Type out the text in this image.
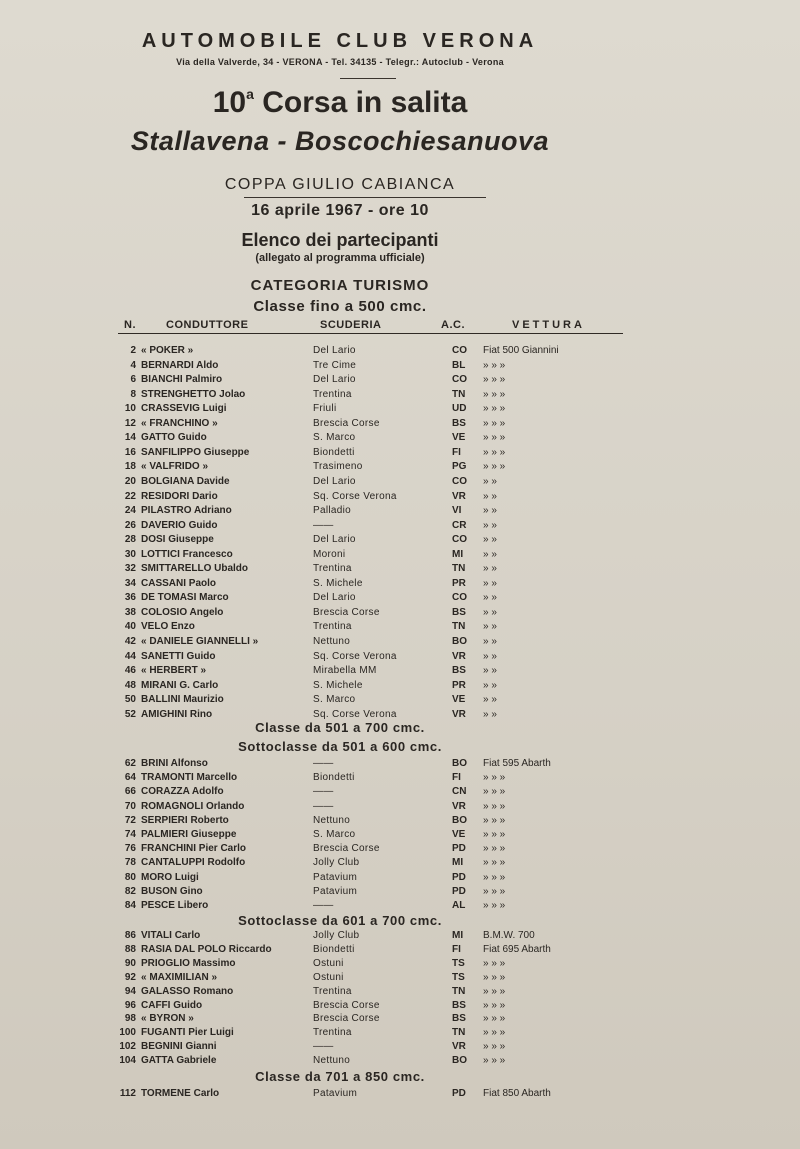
AUTOMOBILE CLUB VERONA
Via della Valverde, 34 - VERONA - Tel. 34135 - Telegr.: Autoclub - Verona
10$^a$ Corsa in salita
Stallavena - Boscochiesanuova
COPPA GIULIO CABIANCA
16 aprile 1967 - ore 10
Elenco dei partecipanti
(allegato al programma ufficiale)
CATEGORIA TURISMO
Classe fino a 500 cmc.
N.	CONDUTTORE	SCUDERIA	A.C.	VETTURA
2 « POKER »	Del Lario	CO Fiat 500 Giannini
4 BERNARDI Aldo	Tre Cime	BL » » »
6 BIANCHI Palmiro	Del Lario	CO » » »
8 STRENGHETTO Jolao	Trentina	TN » » »
10 CRASSEVIG Luigi	Friuli	UD » » »
12 « FRANCHINO »	Brescia Corse	BS » » »
14 GATTO Guido	S. Marco	VE » » »
16 SANFILIPPO Giuseppe	Biondetti	FI » » »
18 « VALFRIDO »	Trasimeno	PG » » »
20 BOLGIANA Davide	Del Lario	CO » »
22 RESIDORI Dario	Sq. Corse Verona	VR » »
24 PILASTRO Adriano	Palladio	VI » »
26 DAVERIO Guido	——	CR » »
28 DOSI Giuseppe	Del Lario	CO » »
30 LOTTICI Francesco	Moroni	MI » »
32 SMITTARELLO Ubaldo	Trentina	TN » »
34 CASSANI Paolo	S. Michele	PR » »
36 DE TOMASI Marco	Del Lario	CO » »
38 COLOSIO Angelo	Brescia Corse	BS » »
40 VELO Enzo	Trentina	TN » »
42 « DANIELE GIANNELLI »	Nettuno	BO » »
44 SANETTI Guido	Sq. Corse Verona	VR » »
46 « HERBERT »	Mirabella MM	BS » »
48 MIRANI G. Carlo	S. Michele	PR » »
50 BALLINI Maurizio	S. Marco	VE » »
52 AMIGHINI Rino	Sq. Corse Verona	VR » »
62 BRINI Alfonso	——	BO Fiat 595 Abarth
64 TRAMONTI Marcello	Biondetti	FI » » »
66 CORAZZA Adolfo	——	CN » » »
70 ROMAGNOLI Orlando	——	VR » » »
72 SERPIERI Roberto	Nettuno	BO » » »
74 PALMIERI Giuseppe	S. Marco	VE » » »
76 FRANCHINI Pier Carlo	Brescia Corse	PD » » »
78 CANTALUPPI Rodolfo	Jolly Club	MI » » »
80 MORO Luigi	Patavium	PD » » »
82 BUSON Gino	Patavium	PD » » »
84 PESCE Libero	——	AL » » »
86 VITALI Carlo	Jolly Club	MI B.M.W. 700
88 RASIA DAL POLO Riccardo	Biondetti	FI Fiat 695 Abarth
90 PRIOGLIO Massimo	Ostuni	TS » » »
92 « MAXIMILIAN »	Ostuni	TS » » »
94 GALASSO Romano	Trentina	TN » » »
96 CAFFI Guido	Brescia Corse	BS » » »
98 « BYRON »	Brescia Corse	BS » » »
100 FUGANTI Pier Luigi	Trentina	TN » » »
102 BEGNINI Gianni	——	VR » » »
104 GATTA Gabriele	Nettuno	BO » » »
112 TORMENE Carlo	Patavium	PD Fiat 850 Abarth
Classe da 501 a 700 cmc.
Sottoclasse da 501 a 600 cmc.
Sottoclasse da 601 a 700 cmc.
Classe da 701 a 850 cmc.
